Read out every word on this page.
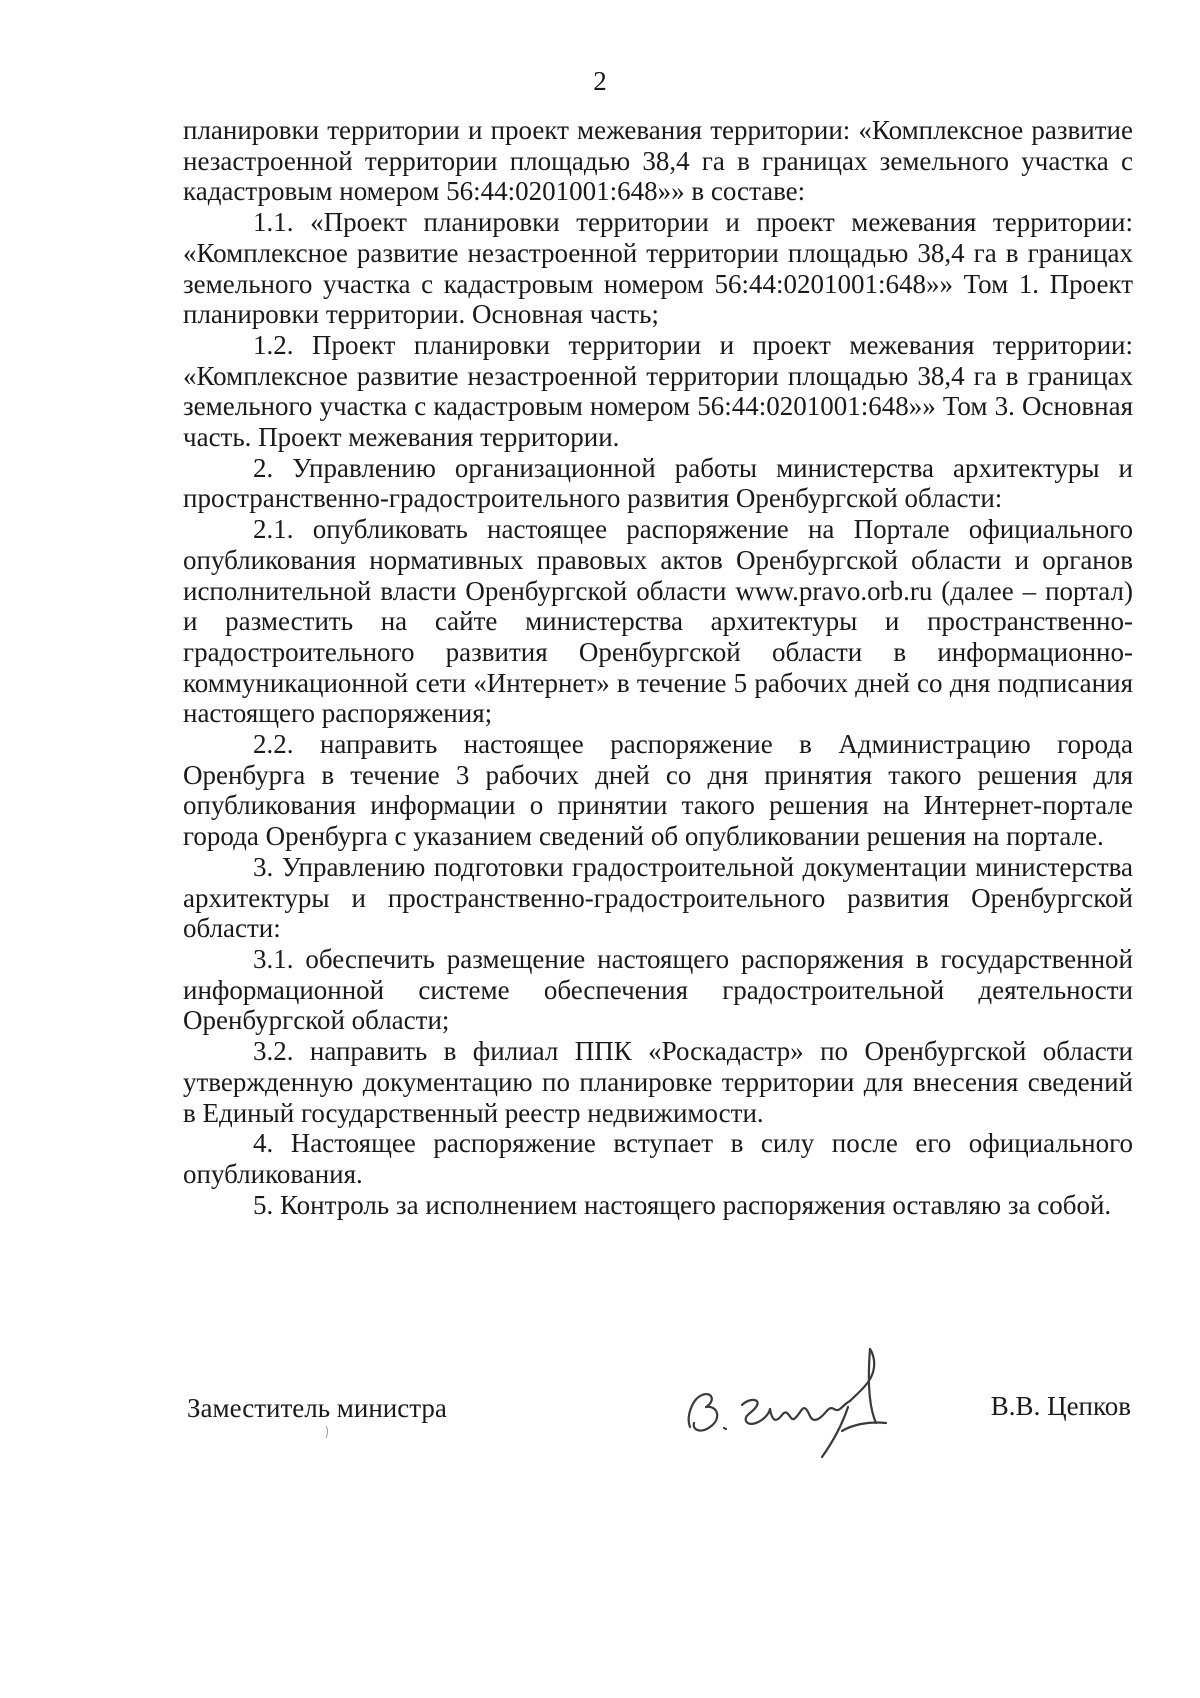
2

планировки территории и проект межевания территории: «Комплексное развитие незастроенной территории площадью 38,4 га в границах земельного участка с кадастровым номером 56:44:0201001:648»» в составе:

1.1. «Проект планировки территории и проект межевания территории: «Комплексное развитие незастроенной территории площадью 38,4 га в границах земельного участка с кадастровым номером 56:44:0201001:648»» Том 1. Проект планировки территории. Основная часть;

1.2. Проект планировки территории и проект межевания территории: «Комплексное развитие незастроенной территории площадью 38,4 га в границах земельного участка с кадастровым номером 56:44:0201001:648»» Том 3. Основная часть. Проект межевания территории.

2. Управлению организационной работы министерства архитектуры и пространственно-градостроительного развития Оренбургской области:

2.1. опубликовать настоящее распоряжение на Портале официального опубликования нормативных правовых актов Оренбургской области и органов исполнительной власти Оренбургской области www.pravo.orb.ru (далее – портал) и разместить на сайте министерства архитектуры и пространственно-градостроительного развития Оренбургской области в информационно-коммуникационной сети «Интернет» в течение 5 рабочих дней со дня подписания настоящего распоряжения;

2.2. направить настоящее распоряжение в Администрацию города Оренбурга в течение 3 рабочих дней со дня принятия такого решения для опубликования информации о принятии такого решения на Интернет-портале города Оренбурга с указанием сведений об опубликовании решения на портале.

3. Управлению подготовки градостроительной документации министерства архитектуры и пространственно-градостроительного развития Оренбургской области:

3.1. обеспечить размещение настоящего распоряжения в государственной информационной системе обеспечения градостроительной деятельности Оренбургской области;

3.2. направить в филиал ППК «Роскадастр» по Оренбургской области утвержденную документацию по планировке территории для внесения сведений в Единый государственный реестр недвижимости.

4. Настоящее распоряжение вступает в силу после его официального опубликования.

5. Контроль за исполнением настоящего распоряжения оставляю за собой.

Заместитель министра	В.В. Цепков
